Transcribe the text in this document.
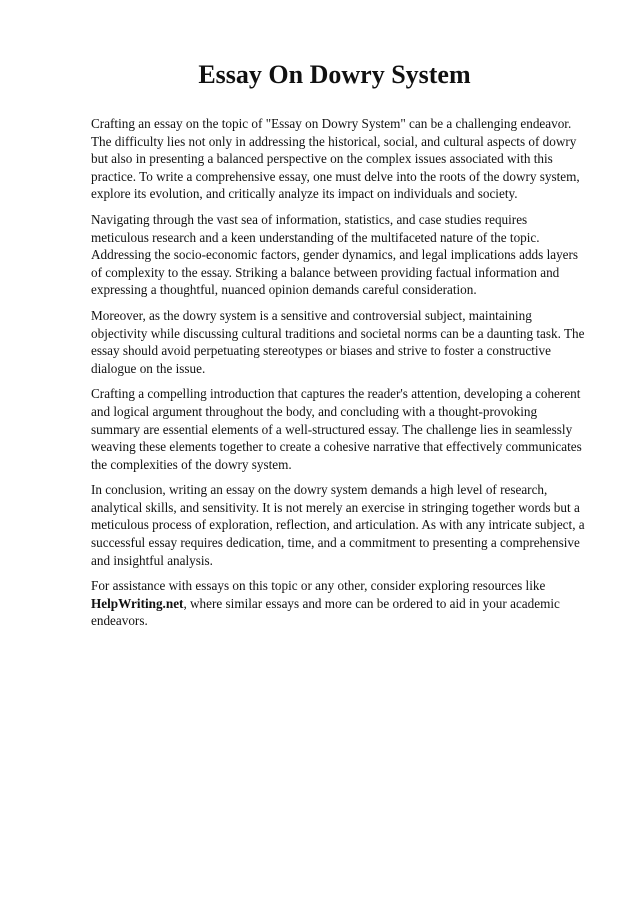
Essay On Dowry System

Crafting an essay on the topic of "Essay on Dowry System" can be a challenging endeavor. The difficulty lies not only in addressing the historical, social, and cultural aspects of dowry but also in presenting a balanced perspective on the complex issues associated with this practice. To write a comprehensive essay, one must delve into the roots of the dowry system, explore its evolution, and critically analyze its impact on individuals and society.

Navigating through the vast sea of information, statistics, and case studies requires meticulous research and a keen understanding of the multifaceted nature of the topic. Addressing the socio-economic factors, gender dynamics, and legal implications adds layers of complexity to the essay. Striking a balance between providing factual information and expressing a thoughtful, nuanced opinion demands careful consideration.

Moreover, as the dowry system is a sensitive and controversial subject, maintaining objectivity while discussing cultural traditions and societal norms can be a daunting task. The essay should avoid perpetuating stereotypes or biases and strive to foster a constructive dialogue on the issue.

Crafting a compelling introduction that captures the reader's attention, developing a coherent and logical argument throughout the body, and concluding with a thought-provoking summary are essential elements of a well-structured essay. The challenge lies in seamlessly weaving these elements together to create a cohesive narrative that effectively communicates the complexities of the dowry system.

In conclusion, writing an essay on the dowry system demands a high level of research, analytical skills, and sensitivity. It is not merely an exercise in stringing together words but a meticulous process of exploration, reflection, and articulation. As with any intricate subject, a successful essay requires dedication, time, and a commitment to presenting a comprehensive and insightful analysis.

For assistance with essays on this topic or any other, consider exploring resources like HelpWriting.net, where similar essays and more can be ordered to aid in your academic endeavors.
